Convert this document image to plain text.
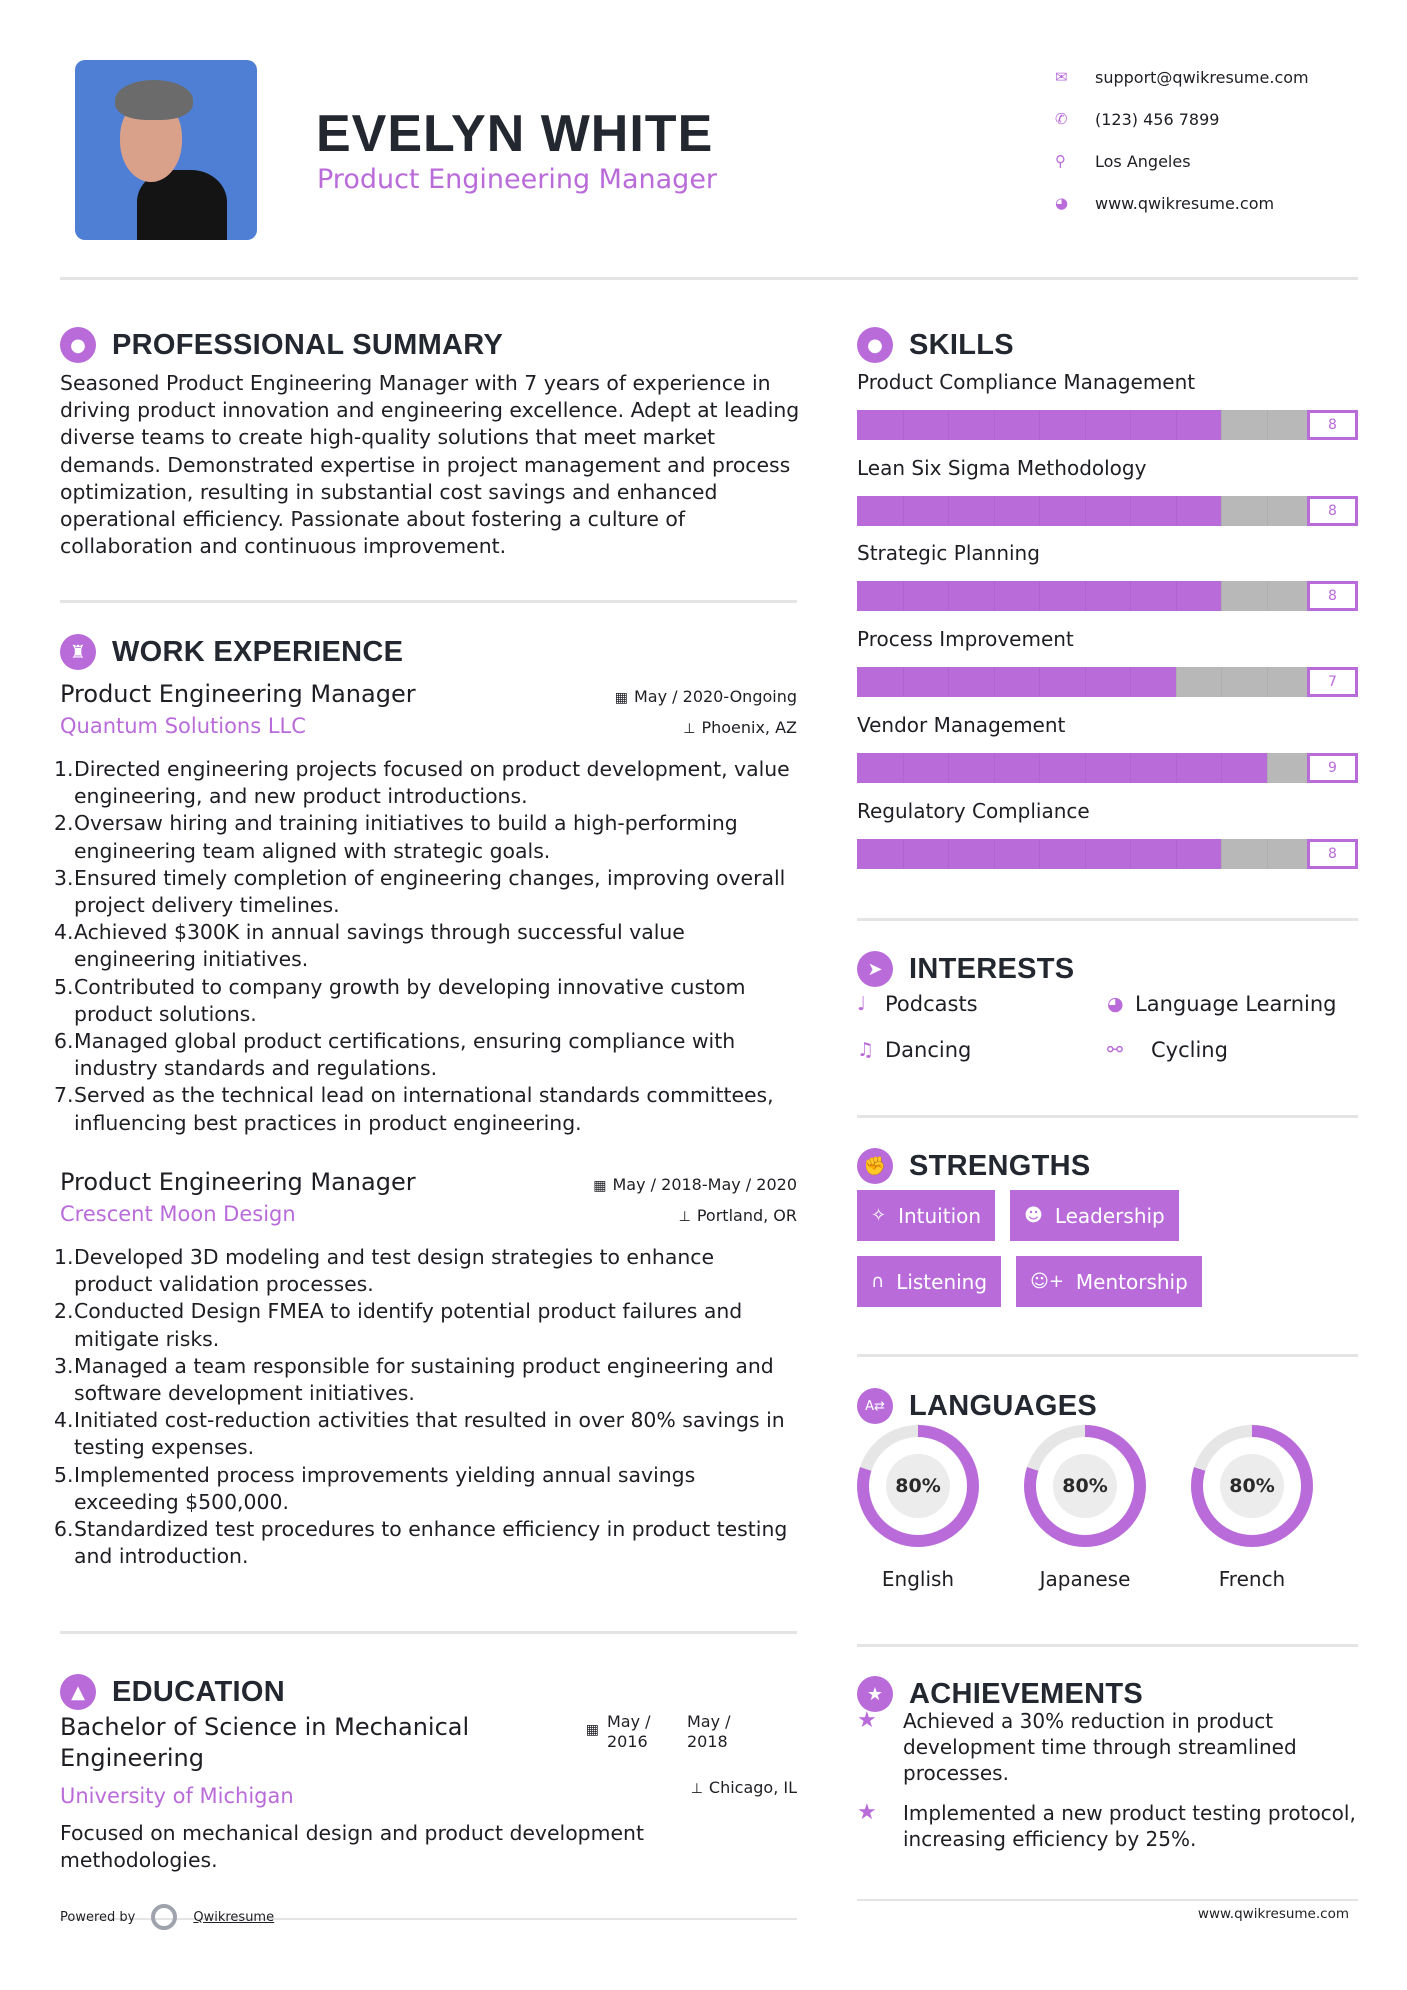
EVELYN WHITE
Product Engineering Manager
✉	support@qwikresume.com
✆	(123) 456 7899
⚲	Los Angeles
◕	www.qwikresume.com
● PROFESSIONAL SUMMARY
Seasoned Product Engineering Manager with 7 years of experience in driving product innovation and engineering excellence. Adept at leading diverse teams to create high-quality solutions that meet market demands. Demonstrated expertise in project management and process optimization, resulting in substantial cost savings and enhanced operational efficiency. Passionate about fostering a culture of collaboration and continuous improvement.
♜ WORK EXPERIENCE
Product Engineering Manager	▦ May / 2020-Ongoing
Quantum Solutions LLC	⊥ Phoenix, AZ
1. Directed engineering projects focused on product development, value engineering, and new product introductions.
2. Oversaw hiring and training initiatives to build a high-performing engineering team aligned with strategic goals.
3. Ensured timely completion of engineering changes, improving overall project delivery timelines.
4. Achieved $300K in annual savings through successful value engineering initiatives.
5. Contributed to company growth by developing innovative custom product solutions.
6. Managed global product certifications, ensuring compliance with industry standards and regulations.
7. Served as the technical lead on international standards committees, influencing best practices in product engineering.
Product Engineering Manager	▦ May / 2018-May / 2020
Crescent Moon Design	⊥ Portland, OR
1. Developed 3D modeling and test design strategies to enhance product validation processes.
2. Conducted Design FMEA to identify potential product failures and mitigate risks.
3. Managed a team responsible for sustaining product engineering and software development initiatives.
4. Initiated cost-reduction activities that resulted in over 80% savings in testing expenses.
5. Implemented process improvements yielding annual savings exceeding $500,000.
6. Standardized test procedures to enhance efficiency in product testing and introduction.
▲ EDUCATION
Bachelor of Science in Mechanical Engineering
▦ May / 2016
May / 2018
⊥ Chicago, IL
University of Michigan
Focused on mechanical design and product development methodologies.
● SKILLS
Product Compliance Management
8
Lean Six Sigma Methodology
8
Strategic Planning
8
Process Improvement
7
Vendor Management
9
Regulatory Compliance
8
➤ INTERESTS
♩ Podcasts	◕ Language Learning
♫ Dancing	⚯	Cycling
✊ STRENGTHS
✧ Intuition ☻ Leadership
∩ Listening ☺+ Mentorship
A⇄ LANGUAGES
80%
English
80%
Japanese
80%
French
★ ACHIEVEMENTS
★	Achieved a 30% reduction in product development time through streamlined processes.
★	Implemented a new product testing protocol, increasing efficiency by 25%.
Powered by	Qwikresume	www.qwikresume.com
